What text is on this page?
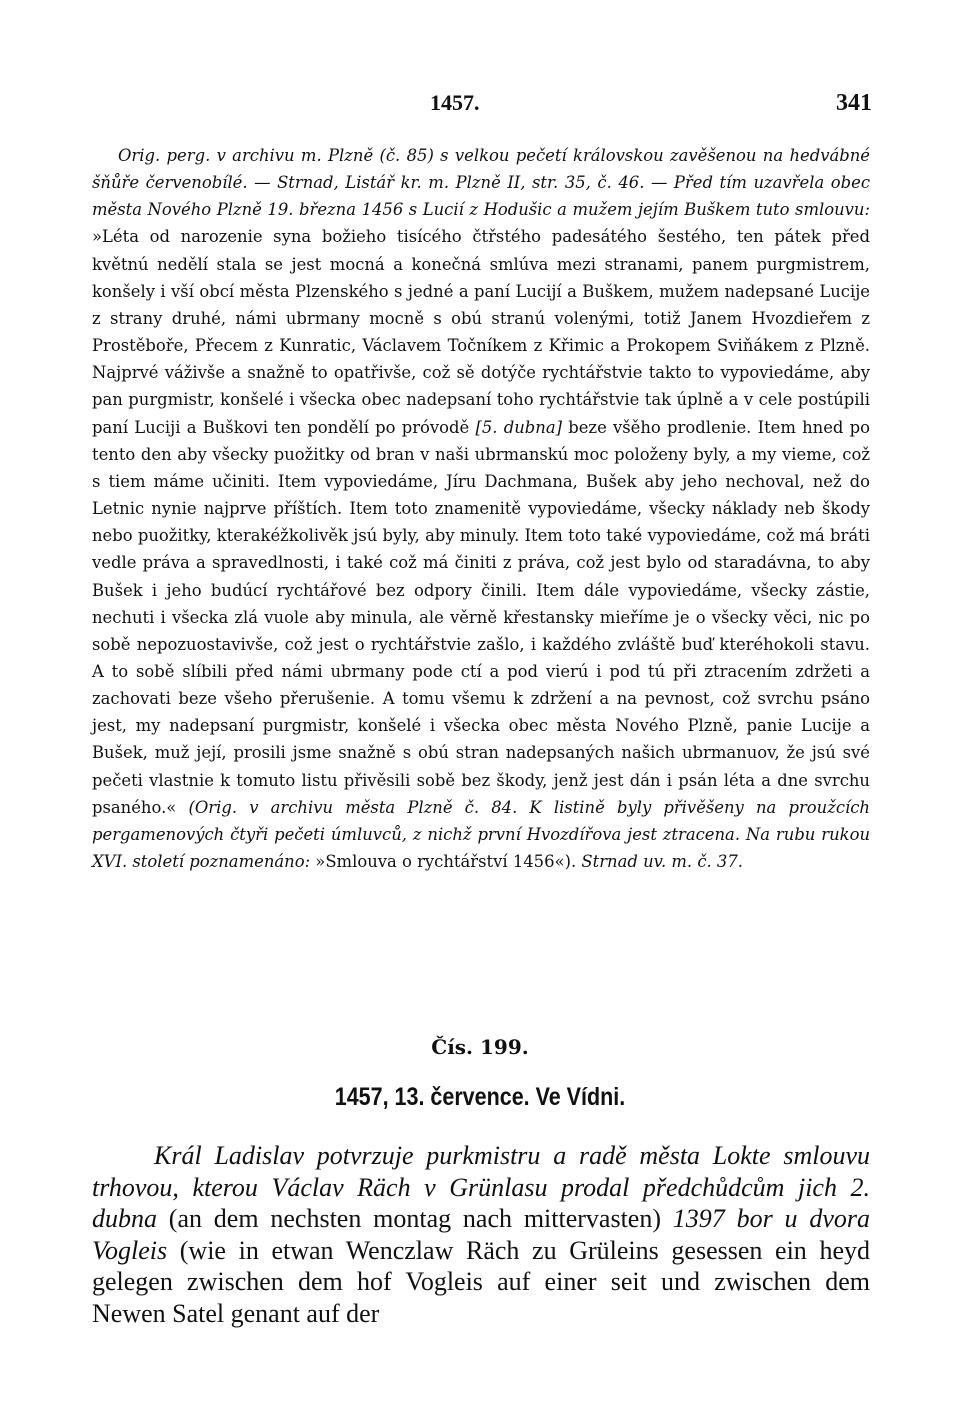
1457.	341

Orig. perg. v archivu m. Plzně (č. 85) s velkou pečetí královskou zavěšenou na hedvábné šňůře červenobílé. — Strnad, Listář kr. m. Plzně II, str. 35, č. 46. — Před tím uzavřela obec města Nového Plzně 19. března 1456 s Lucií z Hodušic a mužem jejím Buškem tuto smlouvu: »Léta od narozenie syna božieho tisícého čtřstého padesátého šestého, ten pátek před květnú nedělí stala se jest mocná a konečná smlúva mezi stranami, panem purgmistrem, konšely i vší obcí města Plzenského s jedné a paní Lucijí a Buškem, mužem nadepsané Lucije z strany druhé, námi ubrmany mocně s obú stranú volenými, totiž Janem Hvozdieřem z Prostěboře, Přecem z Kunratic, Václavem Točníkem z Křimic a Prokopem Sviňákem z Plzně. Najprvé váživše a snažně to opatřivše, což sě dotýče rychtářstvie takto to vypoviedáme, aby pan purgmistr, konšelé i všecka obec nadepsaní toho rychtářstvie tak úplně a v cele postúpili paní Luciji a Buškovi ten pondělí po próvodě [5. dubna] beze všěho prodlenie. Item hned po tento den aby všecky puožitky od bran v naši ubrmanskú moc položeny byly, a my vieme, což s tiem máme učiniti. Item vypoviedáme, Jíru Dachmana, Bušek aby jeho nechoval, než do Letnic nynie najprve příštích. Item toto znamenitě vypoviedáme, všecky náklady neb škody nebo puožitky, kterakéžkolivěk jsú byly, aby minuly. Item toto také vypoviedáme, což má bráti vedle práva a spravedlnosti, i také což má činiti z práva, což jest bylo od staradávna, to aby Bušek i jeho budúcí rychtářové bez odpory činili. Item dále vypoviedáme, všecky zástie, nechuti i všecka zlá vuole aby minula, ale věrně křestansky mieříme je o všecky věci, nic po sobě nepozuostavivše, což jest o rychtářstvie zašlo, i každého zvláště buď kteréhokoli stavu. A to sobě slíbili před námi ubrmany pode ctí a pod vierú i pod tú při ztracením zdržeti a zachovati beze všeho přerušenie. A tomu všemu k zdržení a na pevnost, což svrchu psáno jest, my nadepsaní purgmistr, konšelé i všecka obec města Nového Plzně, panie Lucije a Bušek, muž její, prosili jsme snažně s obú stran nadepsaných našich ubrmanuov, že jsú své pečeti vlastnie k tomuto listu přivěsili sobě bez škody, jenž jest dán i psán léta a dne svrchu psaného.« (Orig. v archivu města Plzně č. 84. K listině byly přivěšeny na proužcích pergamenových čtyři pečeti úmluvců, z nichž první Hvozdířova jest ztracena. Na rubu rukou XVI. století poznamenáno: »Smlouva o rychtářství 1456«). Strnad uv. m. č. 37.

Čís. 199.
1457, 13. července. Ve Vídni.

Král Ladislav potvrzuje purkmistru a radě města Lokte smlouvu trhovou, kterou Václav Räch v Grünlasu prodal předchůdcům jich 2. dubna (an dem nechsten montag nach mittervasten) 1397 bor u dvora Vogleis (wie in etwan Wenczlaw Räch zu Grüleins gesessen ein heyd gelegen zwischen dem hof Vogleis auf einer seit und zwischen dem Newen Satel genant auf der
